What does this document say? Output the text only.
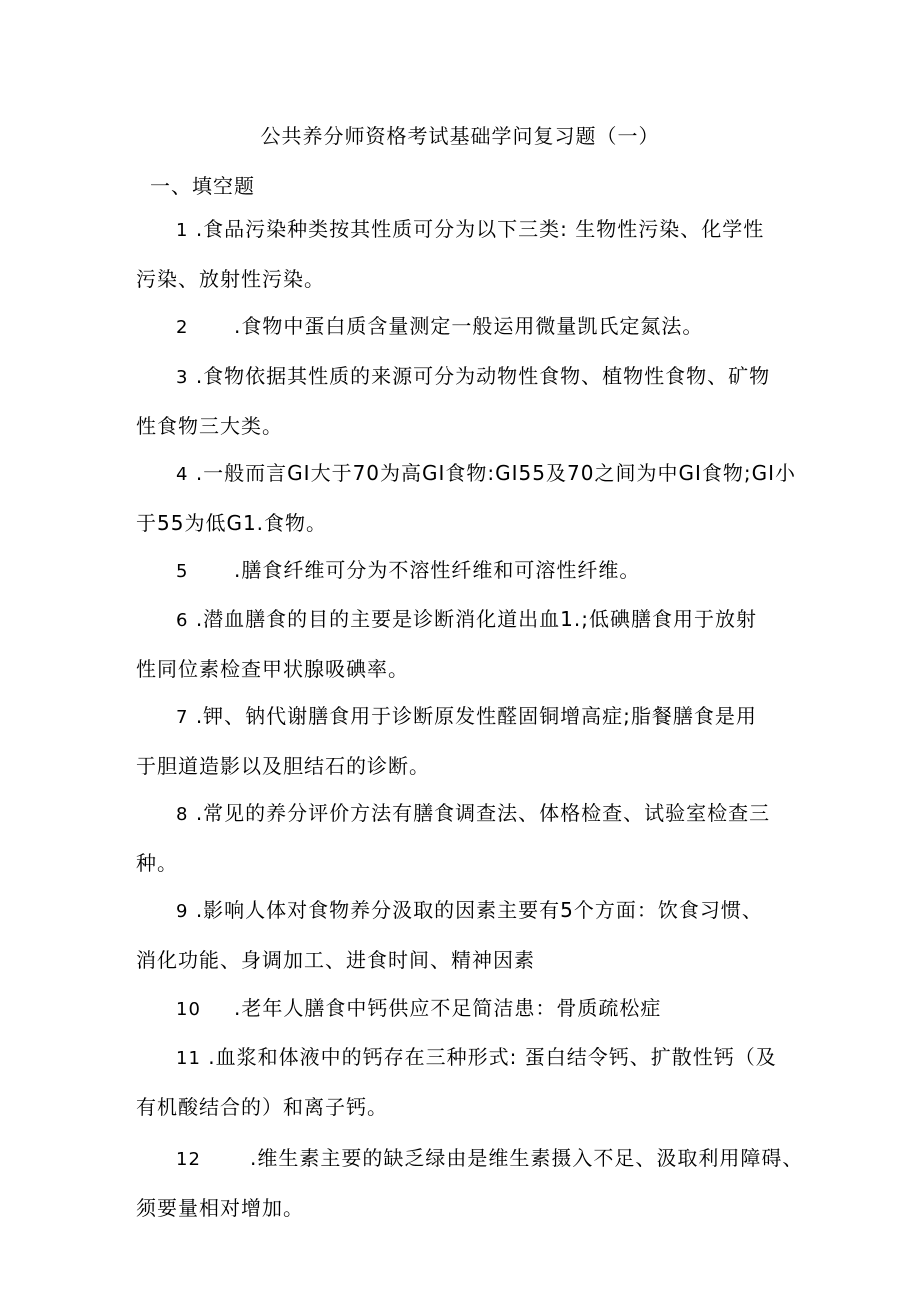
公共养分师资格考试基础学问复习题（一）
一、填空题
1 .食品污染种类按其性质可分为以下三类: 生物性污染、化学性
污染、放射性污染。
2 .食物中蛋白质含量测定一般运用微量凯氏定氮法。
3 .食物依据其性质的来源可分为动物性食物、植物性食物、矿物
性食物三大类。
4 .一般而言GI大于70为高GI食物:GI55及70之间为中GI食物;GI小
于55为低G1.食物。
5 .膳食纤维可分为不溶性纤维和可溶性纤维。
6 .潜血膳食的目的主要是诊断消化道出血1.;低碘膳食用于放射
性同位素检查甲状腺吸碘率。
7 .钾、钠代谢膳食用于诊断原发性醛固铜增高症;脂餐膳食是用
于胆道造影以及胆结石的诊断。
8 .常见的养分评价方法有膳食调查法、体格检查、试验室检查三
种。
9 .影响人体对食物养分汲取的因素主要有5个方面：饮食习惯、
消化功能、身调加工、进食时间、精神因素
10 .老年人膳食中钙供应不足简洁患：骨质疏松症
11 .血浆和体液中的钙存在三种形式: 蛋白结令钙、扩散性钙（及
有机酸结合的）和离子钙。
12 .维生素主要的缺乏绿由是维生素摄入不足、汲取利用障碍、
须要量相对增加。
